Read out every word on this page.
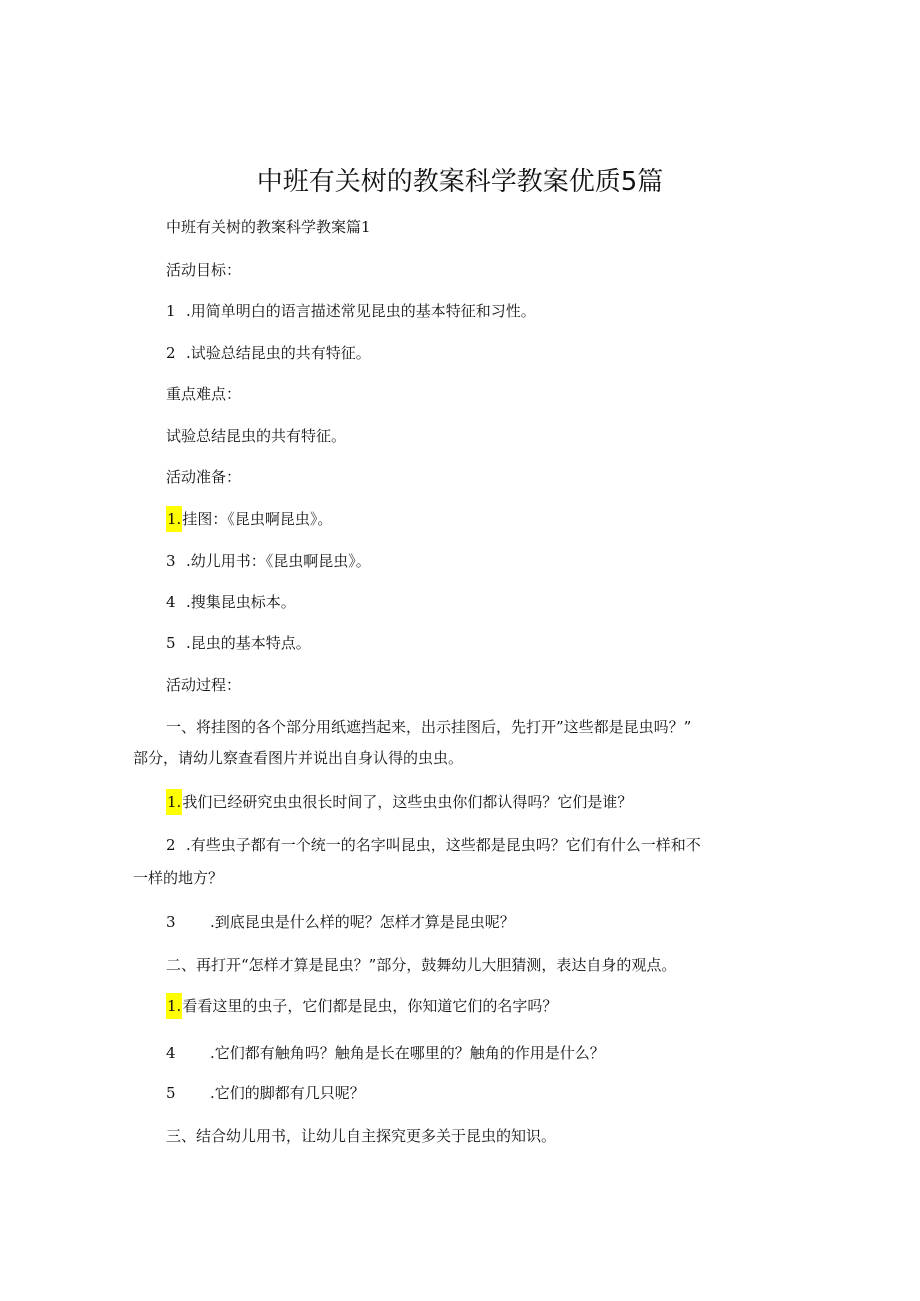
中班有关树的教案科学教案优质5篇

中班有关树的教案科学教案篇1

活动目标：

1 .用简单明白的语言描述常见昆虫的基本特征和习性。

2 .试验总结昆虫的共有特征。

重点难点：

试验总结昆虫的共有特征。

活动准备：

1.挂图：《昆虫啊昆虫》。

3 .幼儿用书：《昆虫啊昆虫》。

4 .搜集昆虫标本。

5 .昆虫的基本特点。

活动过程：

一、将挂图的各个部分用纸遮挡起来，出示挂图后，先打开”这些都是昆虫吗？”

部分，请幼儿察查看图片并说出自身认得的虫虫。

1.我们已经研究虫虫很长时间了，这些虫虫你们都认得吗？它们是谁？

2 .有些虫子都有一个统一的名字叫昆虫，这些都是昆虫吗？它们有什么一样和不

一样的地方？

3 .到底昆虫是什么样的呢？怎样才算是昆虫呢？

二、再打开“怎样才算是昆虫？”部分，鼓舞幼儿大胆猜测，表达自身的观点。

1.看看这里的虫子，它们都是昆虫，你知道它们的名字吗？

4 .它们都有触角吗？触角是长在哪里的？触角的作用是什么？

5 .它们的脚都有几只呢？

三、结合幼儿用书，让幼儿自主探究更多关于昆虫的知识。
